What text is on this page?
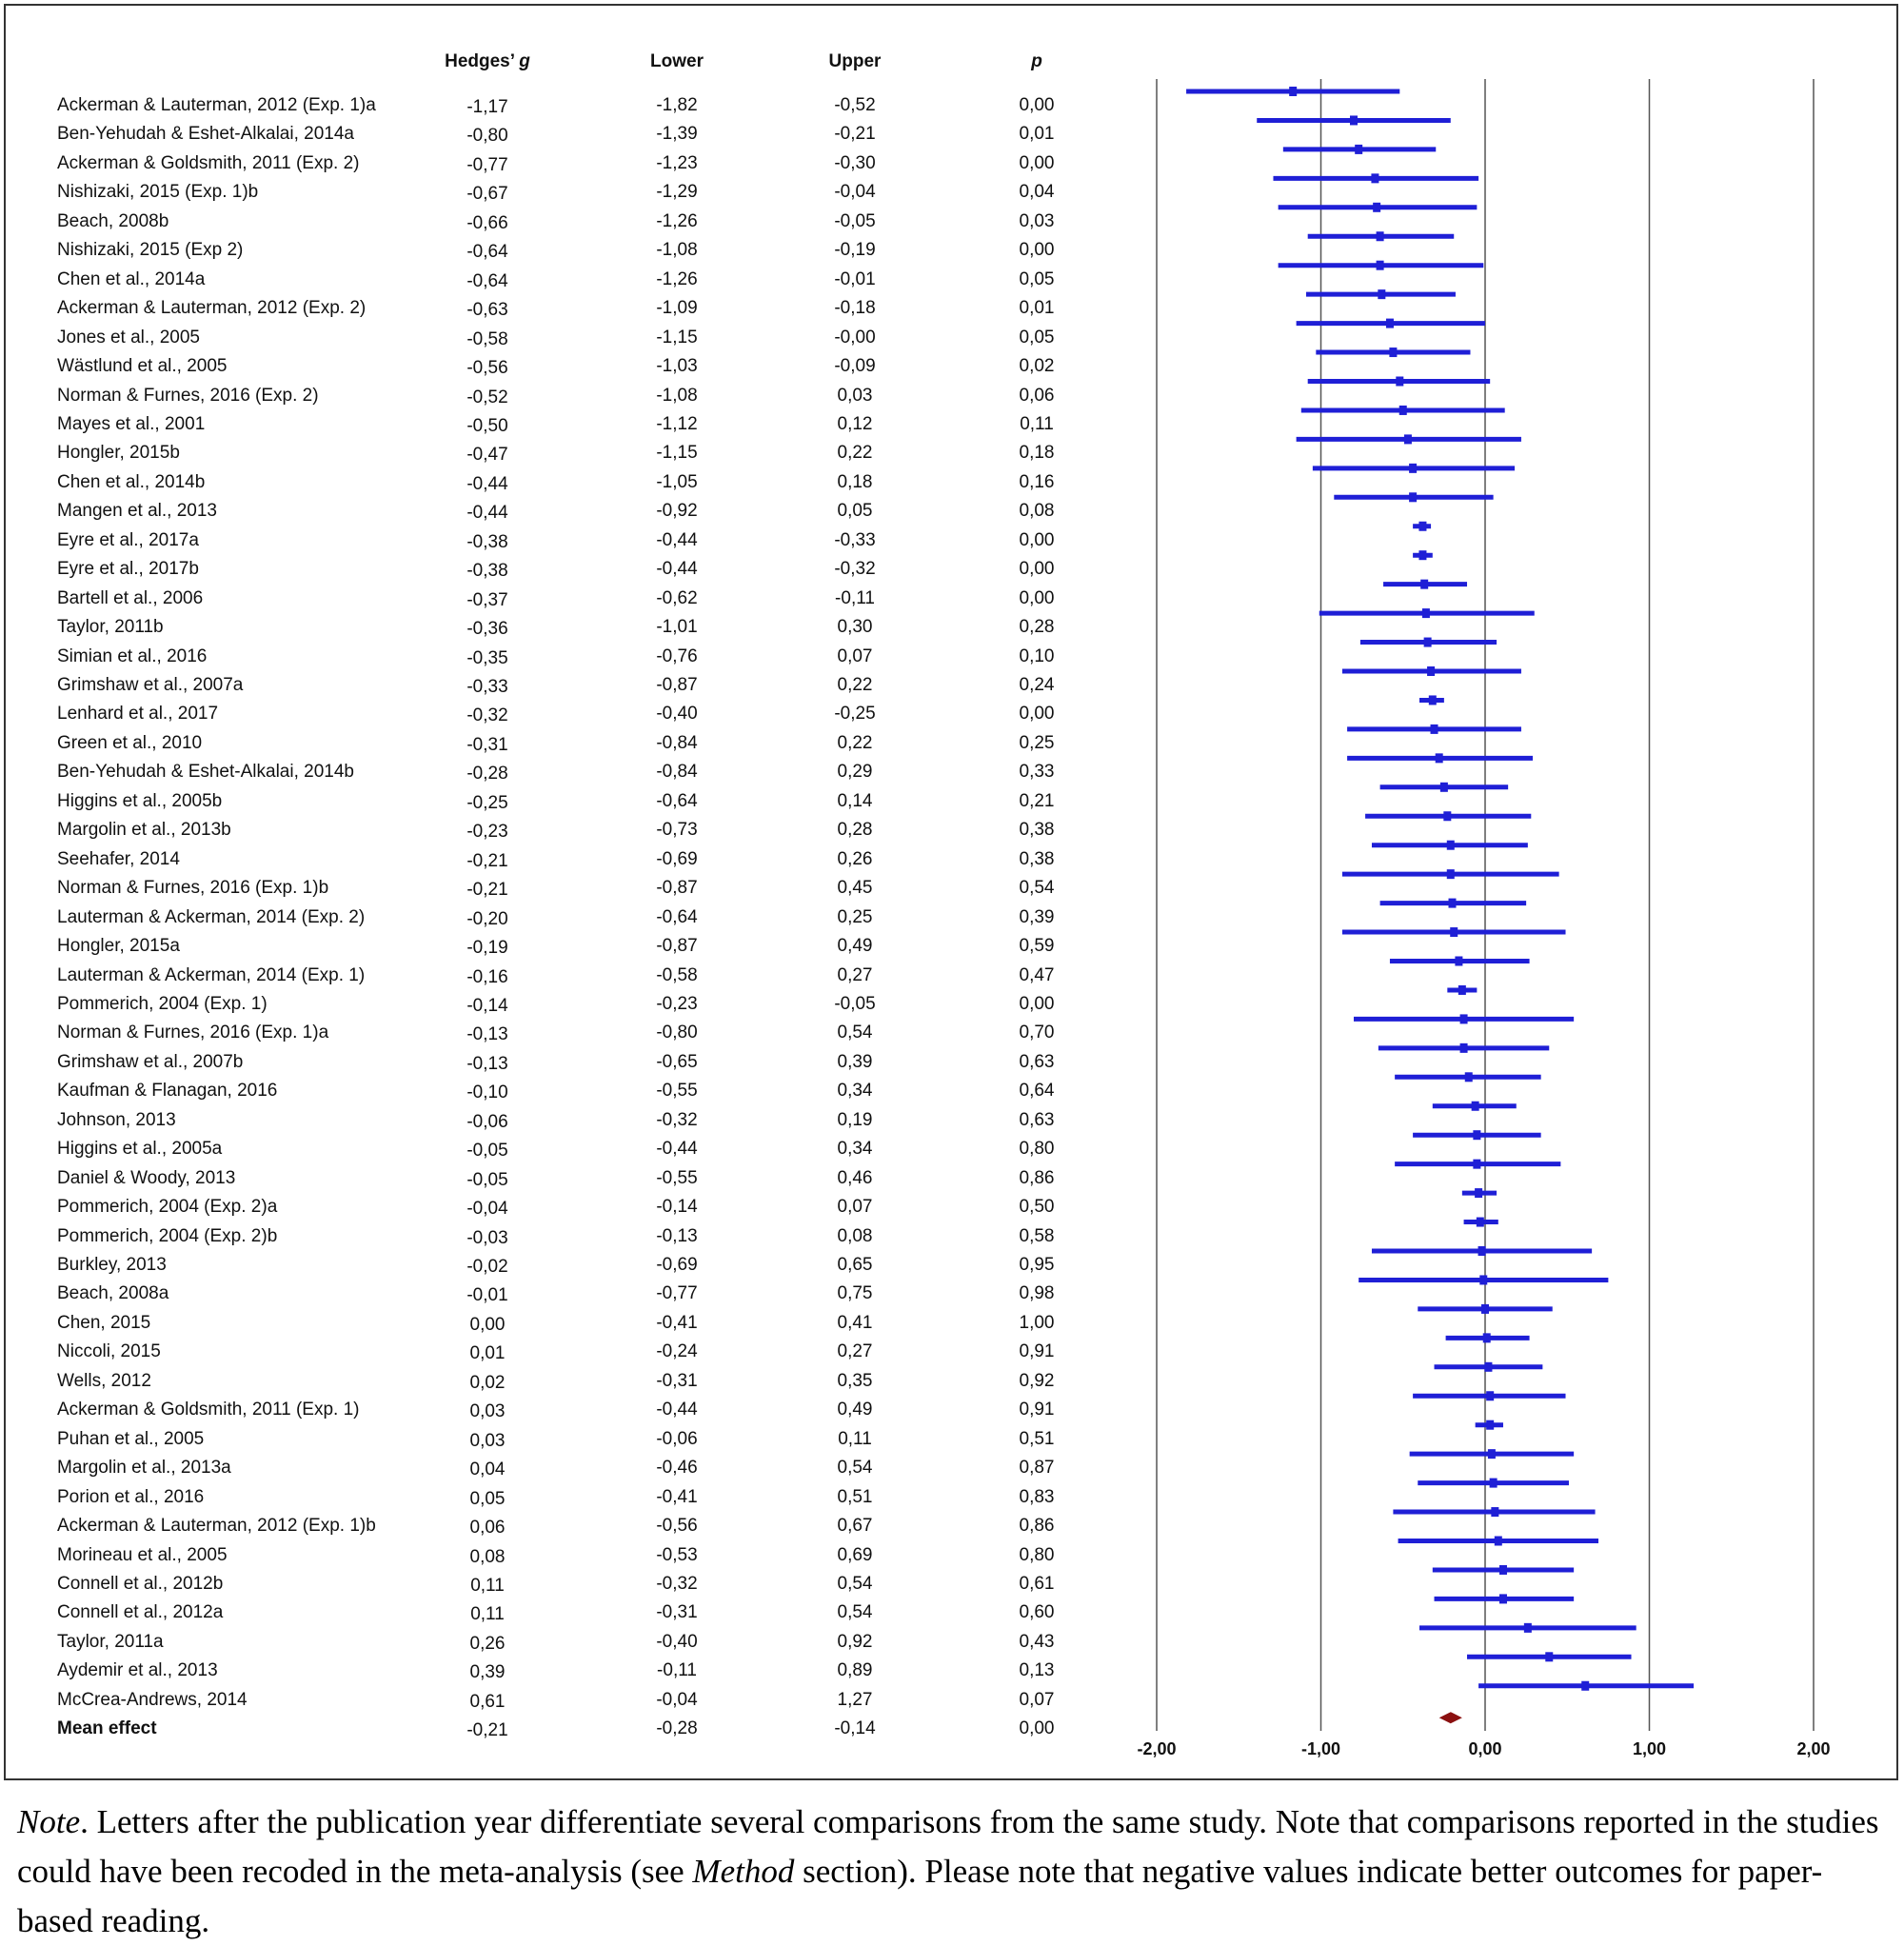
Hedges’ g	Lower	Upper	p
Ackerman & Lauterman, 2012 (Exp. 1)a	-1,17	-1,82	-0,52	0,00
Ben-Yehudah & Eshet-Alkalai, 2014a	-0,80	-1,39	-0,21	0,01
Ackerman & Goldsmith, 2011 (Exp. 2)	-0,77	-1,23	-0,30	0,00
Nishizaki, 2015 (Exp. 1)b	-0,67	-1,29	-0,04	0,04
Beach, 2008b	-0,66	-1,26	-0,05	0,03
Nishizaki, 2015 (Exp 2)	-0,64	-1,08	-0,19	0,00
Chen et al., 2014a	-0,64	-1,26	-0,01	0,05
Ackerman & Lauterman, 2012 (Exp. 2)	-0,63	-1,09	-0,18	0,01
Jones et al., 2005	-0,58	-1,15	-0,00	0,05
Wästlund et al., 2005	-0,56	-1,03	-0,09	0,02
Norman & Furnes, 2016 (Exp. 2)	-0,52	-1,08	0,03	0,06
Mayes et al., 2001	-0,50	-1,12	0,12	0,11
Hongler, 2015b	-0,47	-1,15	0,22	0,18
Chen et al., 2014b	-0,44	-1,05	0,18	0,16
Mangen et al., 2013	-0,44	-0,92	0,05	0,08
Eyre et al., 2017a	-0,38	-0,44	-0,33	0,00
Eyre et al., 2017b	-0,38	-0,44	-0,32	0,00
Bartell et al., 2006	-0,37	-0,62	-0,11	0,00
Taylor, 2011b	-0,36	-1,01	0,30	0,28
Simian et al., 2016	-0,35	-0,76	0,07	0,10
Grimshaw et al., 2007a	-0,33	-0,87	0,22	0,24
Lenhard et al., 2017	-0,32	-0,40	-0,25	0,00
Green et al., 2010	-0,31	-0,84	0,22	0,25
Ben-Yehudah & Eshet-Alkalai, 2014b	-0,28	-0,84	0,29	0,33
Higgins et al., 2005b	-0,25	-0,64	0,14	0,21
Margolin et al., 2013b	-0,23	-0,73	0,28	0,38
Seehafer, 2014	-0,21	-0,69	0,26	0,38
Norman & Furnes, 2016 (Exp. 1)b	-0,21	-0,87	0,45	0,54
Lauterman & Ackerman, 2014 (Exp. 2)	-0,20	-0,64	0,25	0,39
Hongler, 2015a	-0,19	-0,87	0,49	0,59
Lauterman & Ackerman, 2014 (Exp. 1)	-0,16	-0,58	0,27	0,47
Pommerich, 2004 (Exp. 1)	-0,14	-0,23	-0,05	0,00
Norman & Furnes, 2016 (Exp. 1)a	-0,13	-0,80	0,54	0,70
Grimshaw et al., 2007b	-0,13	-0,65	0,39	0,63
Kaufman & Flanagan, 2016	-0,10	-0,55	0,34	0,64
Johnson, 2013	-0,06	-0,32	0,19	0,63
Higgins et al., 2005a	-0,05	-0,44	0,34	0,80
Daniel & Woody, 2013	-0,05	-0,55	0,46	0,86
Pommerich, 2004 (Exp. 2)a	-0,04	-0,14	0,07	0,50
Pommerich, 2004 (Exp. 2)b	-0,03	-0,13	0,08	0,58
Burkley, 2013	-0,02	-0,69	0,65	0,95
Beach, 2008a	-0,01	-0,77	0,75	0,98
Chen, 2015	0,00	-0,41	0,41	1,00
Niccoli, 2015	0,01	-0,24	0,27	0,91
Wells, 2012	0,02	-0,31	0,35	0,92
Ackerman & Goldsmith, 2011 (Exp. 1)	0,03	-0,44	0,49	0,91
Puhan et al., 2005	0,03	-0,06	0,11	0,51
Margolin et al., 2013a	0,04	-0,46	0,54	0,87
Porion et al., 2016	0,05	-0,41	0,51	0,83
Ackerman & Lauterman, 2012 (Exp. 1)b	0,06	-0,56	0,67	0,86
Morineau et al., 2005	0,08	-0,53	0,69	0,80
Connell et al., 2012b	0,11	-0,32	0,54	0,61
Connell et al., 2012a	0,11	-0,31	0,54	0,60
Taylor, 2011a	0,26	-0,40	0,92	0,43
Aydemir et al., 2013	0,39	-0,11	0,89	0,13
McCrea-Andrews, 2014	0,61	-0,04	1,27	0,07
Mean effect	-0,21	-0,28	-0,14	0,00
-2,00	-1,00	0,00	1,00	2,00
Note. Letters after the publication year differentiate several comparisons from the same study. Note that comparisons reported in the studies could have been recoded in the meta-analysis (see Method section). Please note that negative values indicate better outcomes for paper-based reading.
